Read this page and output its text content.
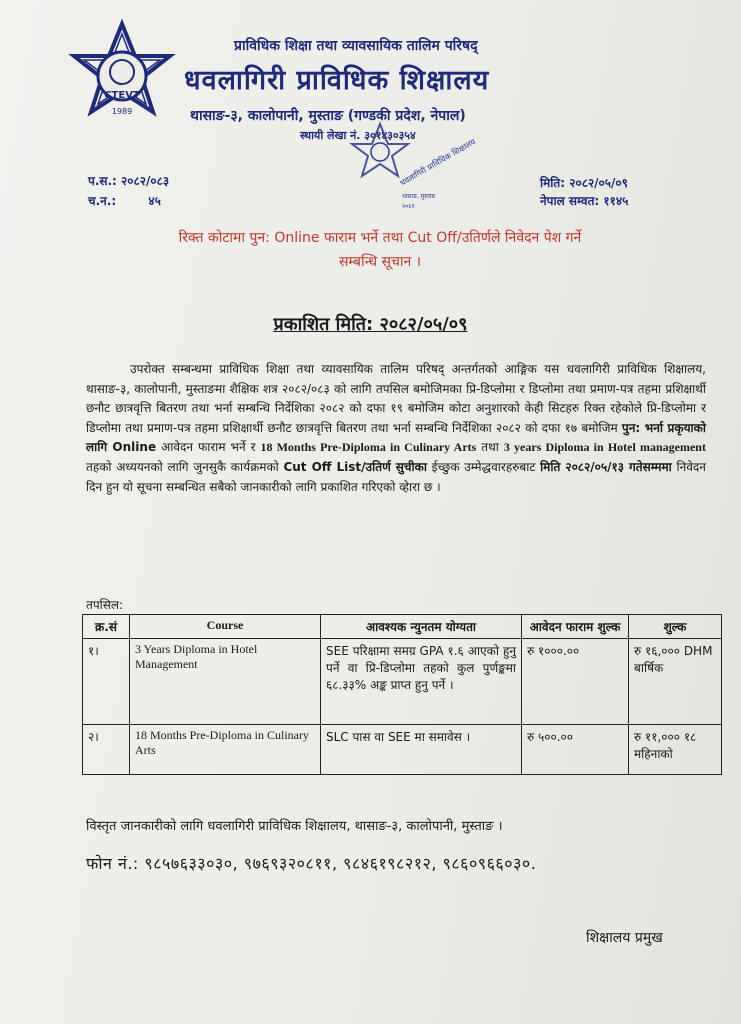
CTEVT
1989
प्राविधिक शिक्षा तथा व्यावसायिक तालिम परिषद्
धवलागिरी प्राविधिक शिक्षालय
थासाङ-३, कालोपानी, मुस्ताङ (गण्डकी प्रदेश, नेपाल)
स्थायी लेखा नं. ३०१४३०३५४
धवलागिरी प्राविधिक शिक्षालय
थासाङ, मुस्ताङ
२०६१
प.स.: २०८२/०८३
च.न.:	४५
मिति: २०८२/०५/०९
नेपाल सम्वत: ११४५
रिक्त कोटामा पुन: Online फाराम भर्ने तथा Cut Off/उतिर्णले निवेदन पेश गर्ने
सम्बन्धि सूचान ।
प्रकाशित मिति: २०८२/०५/०९
उपरोक्त सम्बन्धमा प्राविधिक शिक्षा तथा व्यावसायिक तालिम परिषद् अन्तर्गतको आङ्गिक यस धवलागिरी प्राविधिक शिक्षालय, थासाङ-३, कालोपानी, मुस्ताङमा शैक्षिक शत्र २०८२/०८३ को लागि तपसिल बमोजिमका प्रि-डिप्लोमा र डिप्लोमा तथा प्रमाण-पत्र तहमा प्रशिक्षार्थी छनौट छात्रवृत्ति बितरण तथा भर्ना सम्बन्धि निर्देशिका २०८२ को दफा १९ बमोजिम कोटा अनुशारको केही सिटहरु रिक्त रहेकोले प्रि-डिप्लोमा र डिप्लोमा तथा प्रमाण-पत्र तहमा प्रशिक्षार्थी छनौट छात्रवृत्ति बितरण तथा भर्ना सम्बन्धि निर्देशिका २०८२ को दफा १७ बमोजिम पुन: भर्ना प्रकृयाको लागि Online आवेदन फाराम भर्ने र 18 Months Pre-Diploma in Culinary Arts तथा 3 years Diploma in Hotel management तहको अध्ययनको लागि जुनसुकै कार्यक्रमको Cut Off List/उतिर्ण सुचीका ईच्छुक उम्मेद्धवारहरुबाट मिति २०८२/०५/१३ गतेसम्ममा निवेदन दिन हुन यो सूचना सम्बन्धित सबैको जानकारीको लागि प्रकाशित गरिएको व्हेारा छ ।
तपसिल:
क्र.सं	Course	आवश्यक न्युनतम योग्यता	आवेदन फाराम शुल्क	शुल्क
१।	3 Years Diploma in Hotel Management	SEE परिक्षामा समग्र GPA १.६ आएको हुनु पर्ने वा प्रि-डिप्लोमा तहको कुल पुर्णङ्कमा ६८.३३% अङ्क प्राप्त हुनु पर्ने ।	रु १०००.००	रु १६,००० DHM बार्षिक
२।	18 Months Pre-Diploma in Culinary Arts	SLC पास वा SEE मा समावेस ।	रु ५००.००	रु ११,००० १८ महिनाको
विस्तृत जानकारीको लागि धवलागिरी प्राविधिक शिक्षालय, थासाङ-३, कालोपानी, मुस्ताङ ।
फोन नं.: ९८५७६३३०३०, ९७६९३२०८११, ९८४६१९८२१२, ९८६०९६६०३०.
शिक्षालय प्रमुख
